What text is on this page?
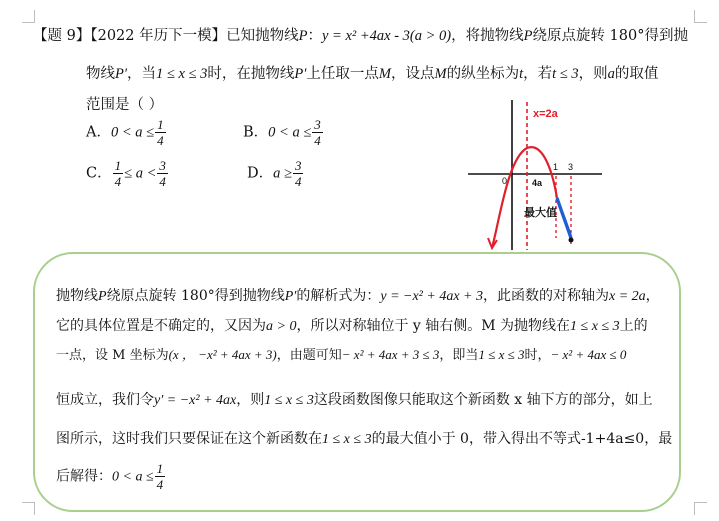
【题 9】【2022 年历下一模】已知抛物线P：y = x² +4ax - 3(a > 0)，将抛物线P绕原点旋转 180°得到抛
物线P′，当1 ≤ x ≤ 3时，在抛物线P′上任取一点M，设点M的纵坐标为t，若t ≤ 3，则a的取值
范围是（ ）
A．$0 < a \le \frac{1}{4}$	B．$0 < a \le \frac{3}{4}$
C． $\frac{1}{4} \le a < \frac{3}{4}$	D．$a \ge \frac{3}{4}$
x=2a
0
1 3
4a
最大值
抛物线P绕原点旋转 180°得到抛物线P′的解析式为：y = −x² + 4ax + 3，此函数的对称轴为x = 2a，
它的具体位置是不确定的，又因为a > 0，所以对称轴位于 y 轴右侧。M 为抛物线在1 ≤ x ≤ 3上的
一点，设 M 坐标为(x ， −x² + 4ax + 3)，由题可知− x² + 4ax + 3 ≤ 3，即当1 ≤ x ≤ 3时，− x² + 4ax ≤ 0
恒成立，我们令y′ = −x² + 4ax，则1 ≤ x ≤ 3这段函数图像只能取这个新函数 x 轴下方的部分，如上
图所示，这时我们只要保证在这个新函数在1 ≤ x ≤ 3的最大值小于 0，带入得出不等式-1+4a≤0，最
后解得：$0 < a \le \frac{1}{4}$
